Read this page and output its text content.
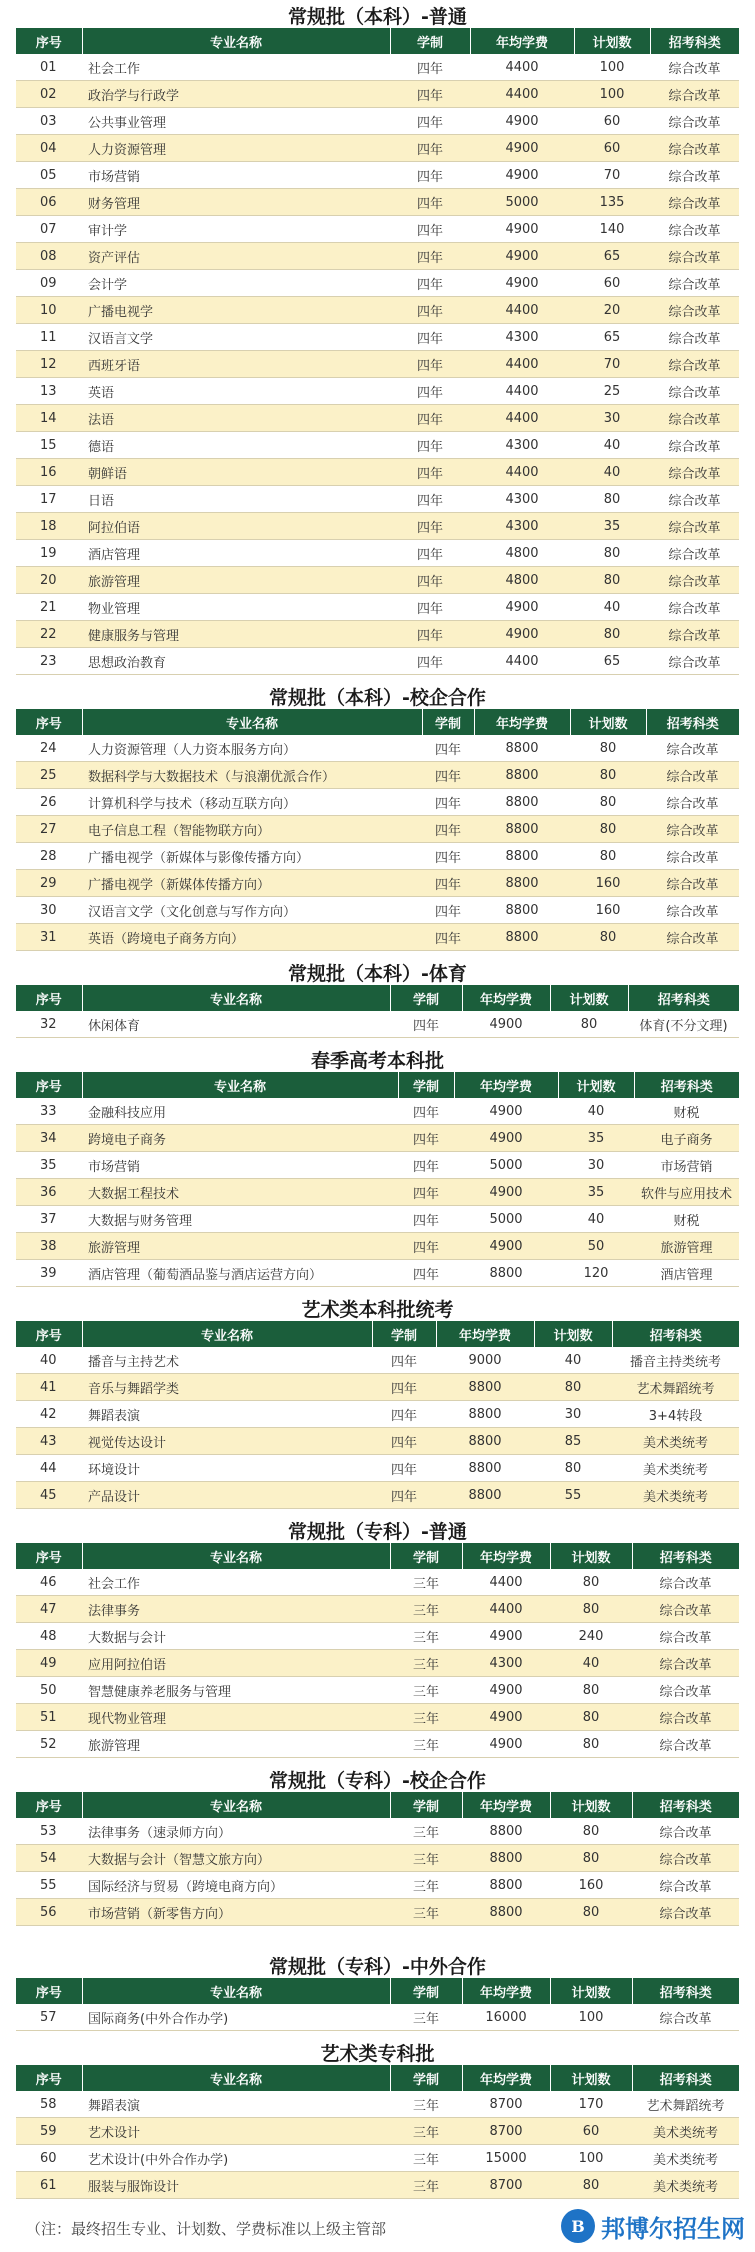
常规批（本科）-普通
序号	专业名称	学制	年均学费	计划数	招考科类
01	社会工作	四年	4400	100	综合改革
02	政治学与行政学	四年	4400	100	综合改革
03	公共事业管理	四年	4900	60	综合改革
04	人力资源管理	四年	4900	60	综合改革
05	市场营销	四年	4900	70	综合改革
06	财务管理	四年	5000	135	综合改革
07	审计学	四年	4900	140	综合改革
08	资产评估	四年	4900	65	综合改革
09	会计学	四年	4900	60	综合改革
10	广播电视学	四年	4400	20	综合改革
11	汉语言文学	四年	4300	65	综合改革
12	西班牙语	四年	4400	70	综合改革
13	英语	四年	4400	25	综合改革
14	法语	四年	4400	30	综合改革
15	德语	四年	4300	40	综合改革
16	朝鲜语	四年	4400	40	综合改革
17	日语	四年	4300	80	综合改革
18	阿拉伯语	四年	4300	35	综合改革
19	酒店管理	四年	4800	80	综合改革
20	旅游管理	四年	4800	80	综合改革
21	物业管理	四年	4900	40	综合改革
22	健康服务与管理	四年	4900	80	综合改革
23	思想政治教育	四年	4400	65	综合改革
常规批（本科）-校企合作
序号	专业名称	学制	年均学费	计划数	招考科类
24	人力资源管理（人力资本服务方向）	四年	8800	80	综合改革
25	数据科学与大数据技术（与浪潮优派合作）	四年	8800	80	综合改革
26	计算机科学与技术（移动互联方向）	四年	8800	80	综合改革
27	电子信息工程（智能物联方向）	四年	8800	80	综合改革
28	广播电视学（新媒体与影像传播方向）	四年	8800	80	综合改革
29	广播电视学（新媒体传播方向）	四年	8800	160	综合改革
30	汉语言文学（文化创意与写作方向）	四年	8800	160	综合改革
31	英语（跨境电子商务方向）	四年	8800	80	综合改革
常规批（本科）-体育
序号	专业名称	学制	年均学费	计划数	招考科类
32	休闲体育	四年	4900	80	体育(不分文理)
春季高考本科批
序号	专业名称	学制	年均学费	计划数	招考科类
33	金融科技应用	四年	4900	40	财税
34	跨境电子商务	四年	4900	35	电子商务
35	市场营销	四年	5000	30	市场营销
36	大数据工程技术	四年	4900	35	软件与应用技术
37	大数据与财务管理	四年	5000	40	财税
38	旅游管理	四年	4900	50	旅游管理
39	酒店管理（葡萄酒品鉴与酒店运营方向）	四年	8800	120	酒店管理
艺术类本科批统考
序号	专业名称	学制	年均学费	计划数	招考科类
40	播音与主持艺术	四年	9000	40	播音主持类统考
41	音乐与舞蹈学类	四年	8800	80	艺术舞蹈统考
42	舞蹈表演	四年	8800	30	3+4转段
43	视觉传达设计	四年	8800	85	美术类统考
44	环境设计	四年	8800	80	美术类统考
45	产品设计	四年	8800	55	美术类统考
常规批（专科）-普通
序号	专业名称	学制	年均学费	计划数	招考科类
46	社会工作	三年	4400	80	综合改革
47	法律事务	三年	4400	80	综合改革
48	大数据与会计	三年	4900	240	综合改革
49	应用阿拉伯语	三年	4300	40	综合改革
50	智慧健康养老服务与管理	三年	4900	80	综合改革
51	现代物业管理	三年	4900	80	综合改革
52	旅游管理	三年	4900	80	综合改革
常规批（专科）-校企合作
序号	专业名称	学制	年均学费	计划数	招考科类
53	法律事务（速录师方向）	三年	8800	80	综合改革
54	大数据与会计（智慧文旅方向）	三年	8800	80	综合改革
55	国际经济与贸易（跨境电商方向）	三年	8800	160	综合改革
56	市场营销（新零售方向）	三年	8800	80	综合改革
常规批（专科）-中外合作
序号	专业名称	学制	年均学费	计划数	招考科类
57	国际商务(中外合作办学)	三年	16000	100	综合改革
艺术类专科批
序号	专业名称	学制	年均学费	计划数	招考科类
58	舞蹈表演	三年	8700	170	艺术舞蹈统考
59	艺术设计	三年	8700	60	美术类统考
60	艺术设计(中外合作办学)	三年	15000	100	美术类统考
61	服装与服饰设计	三年	8700	80	美术类统考
（注：最终招生专业、计划数、学费标准以上级主管部	B 邦博尔招生网
